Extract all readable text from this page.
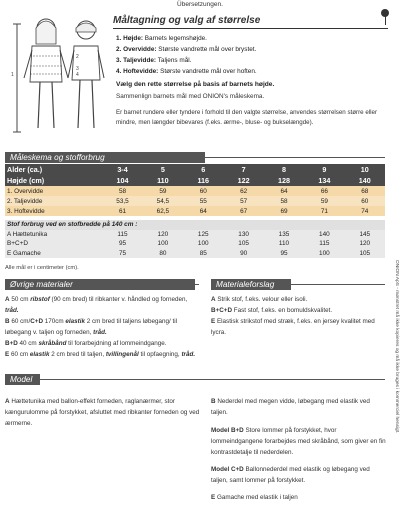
Übersetzungen.
2
3
4
1
Måltagning og valg af størrelse
1. Højde: Barnets legemshøjde.
2. Overvidde: Største vandrette mål over brystet.
3. Taljevidde: Taljens mål.
4. Hoftevidde: Største vandrette mål over hoften.
Vælg den rette størrelse på basis af barnets højde.
Sammenlign barnets mål med ONION's måleskema.
Er barnet rundere eller tyndere i forhold til den valgte størrelse, anvendes størrelsen større eller mindre, men længder bibevares (f.eks. ærme-, bluse- og bukselængde).
Måleskema og stofforbrug
Alder (ca.)	3-4	5	6	7	8	9	10
Højde (cm)	104	110	116	122	128	134	140
1. Overvidde	58	59	60	62	64	66	68
2. Taljevidde	53,5	54,5	55	57	58	59	60
3. Hoftevidde	61	62,5	64	67	69	71	74
Stof forbrug ved en stofbredde på 140 cm :							
A Hættetunika	115	120	125	130	135	140	145
B+C+D	95	100	100	105	110	115	120
E Gamache	75	80	85	90	95	100	105
Alle mål er i centimeter (cm).
Øvrige materialer	Materialeforslag

A 50 cm ribstof (90 cm bred) til ribkanter v. håndled og forneden, tråd.

B 60 cm/C+D 170cm elastik 2 cm bred til taljens løbegang/ til løbegang v. taljen og forneden, tråd.

B+D 40 cm skråbånd til forarbejdning af lommeindgange.

E 60 cm elastik 2 cm bred til taljen, tvillingenål til opfaegning, tråd.

A Strik stof, f.eks. velour eller isoli.

B+C+D Fast stof, f.eks. en bomuldskvalitet.

E Elastisk strikstof med stræk, f.eks. en jersey kvalitet med lycra.

Model

A Hættetunika med ballon-effekt forneden, raglanærmer, stor kængurulomme på forstykket, afsluttet med ribkanter forneden og ved ærmerne.

B Nederdel med megen vidde, løbegang med elastik ved taljen.

Model B+D Store lommer på forstykket, hvor lommeindgangene forarbejdes med skråbånd, som giver en fin kontrastdetalje til nederdelen.

Model C+D Ballonnederdel med elastik og løbegang ved taljen, samt lommer på forstykket.

E Gamache med elastik i taljen

ONION ApS - mønstret må ikke kopieres og må ikke bruges i kommerciel hensigt.
